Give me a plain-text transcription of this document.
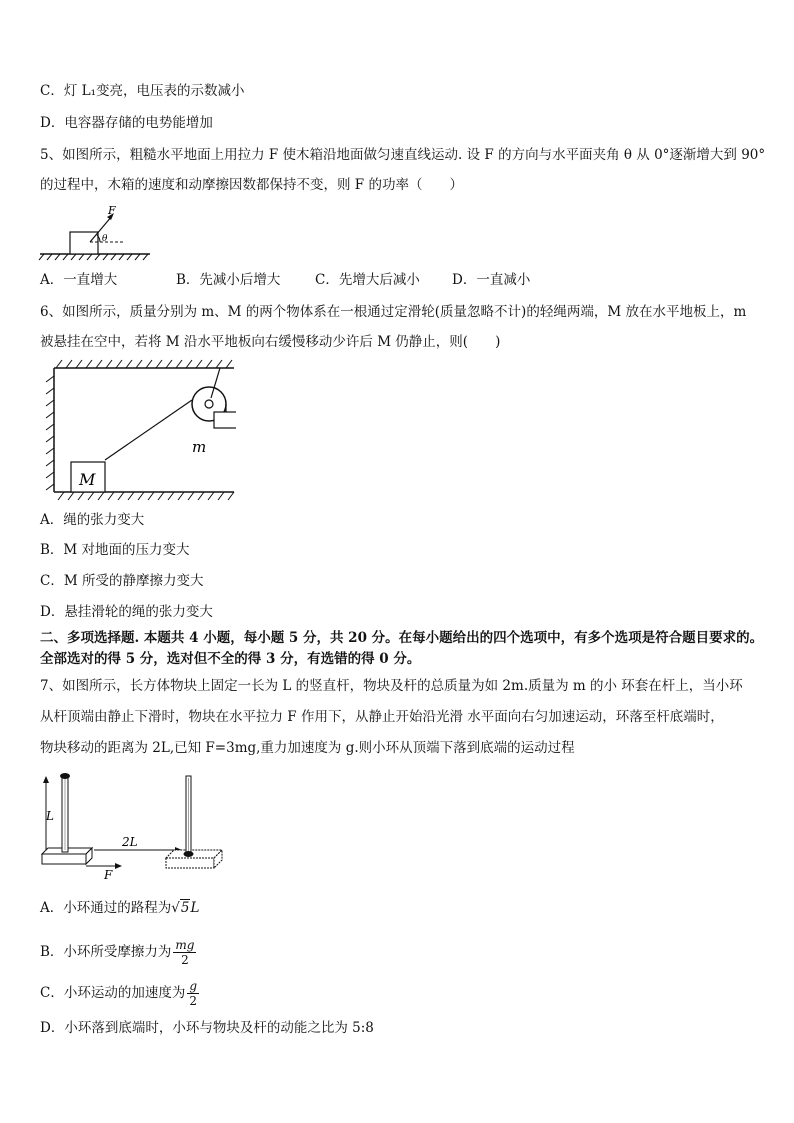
C．灯 L₁变亮，电压表的示数减小
D．电容器存储的电势能增加
5、如图所示，粗糙水平地面上用拉力 F 使木箱沿地面做匀速直线运动. 设 F 的方向与水平面夹角 θ 从 0°逐渐增大到 90°
的过程中，木箱的速度和动摩擦因数都保持不变，则 F 的功率（　　）
F
θ
A．一直增大	B．先减小后增大	C．先增大后减小 D．一直减小
6、如图所示，质量分别为 m、M 的两个物体系在一根通过定滑轮(质量忽略不计)的轻绳两端，M 放在水平地板上，m
被悬挂在空中，若将 M 沿水平地板向右缓慢移动少许后 M 仍静止，则(　　)
m
M
A．绳的张力变大
B．M 对地面的压力变大
C．M 所受的静摩擦力变大
D．悬挂滑轮的绳的张力变大
二、多项选择题. 本题共 4 小题，每小题 5 分，共 20 分。在每小题给出的四个选项中，有多个选项是符合题目要求的。
全部选对的得 5 分，选对但不全的得 3 分，有选错的得 0 分。
7、如图所示，长方体物块上固定一长为 L 的竖直杆，物块及杆的总质量为如 2m.质量为 m 的小 环套在杆上，当小环
从杆顶端由静止下滑时，物块在水平拉力 F 作用下，从静止开始沿光滑 水平面向右匀加速运动，环落至杆底端时，
物块移动的距离为 2L,已知 F=3mg,重力加速度为 g.则小环从顶端下落到底端的运动过程
L
F
2L
A．小环通过的路程为√5L
B．小环所受摩擦力为 $\frac{mg}{2}$
C．小环运动的加速度为 $\frac{g}{2}$
D．小环落到底端时，小环与物块及杆的动能之比为 5:8
